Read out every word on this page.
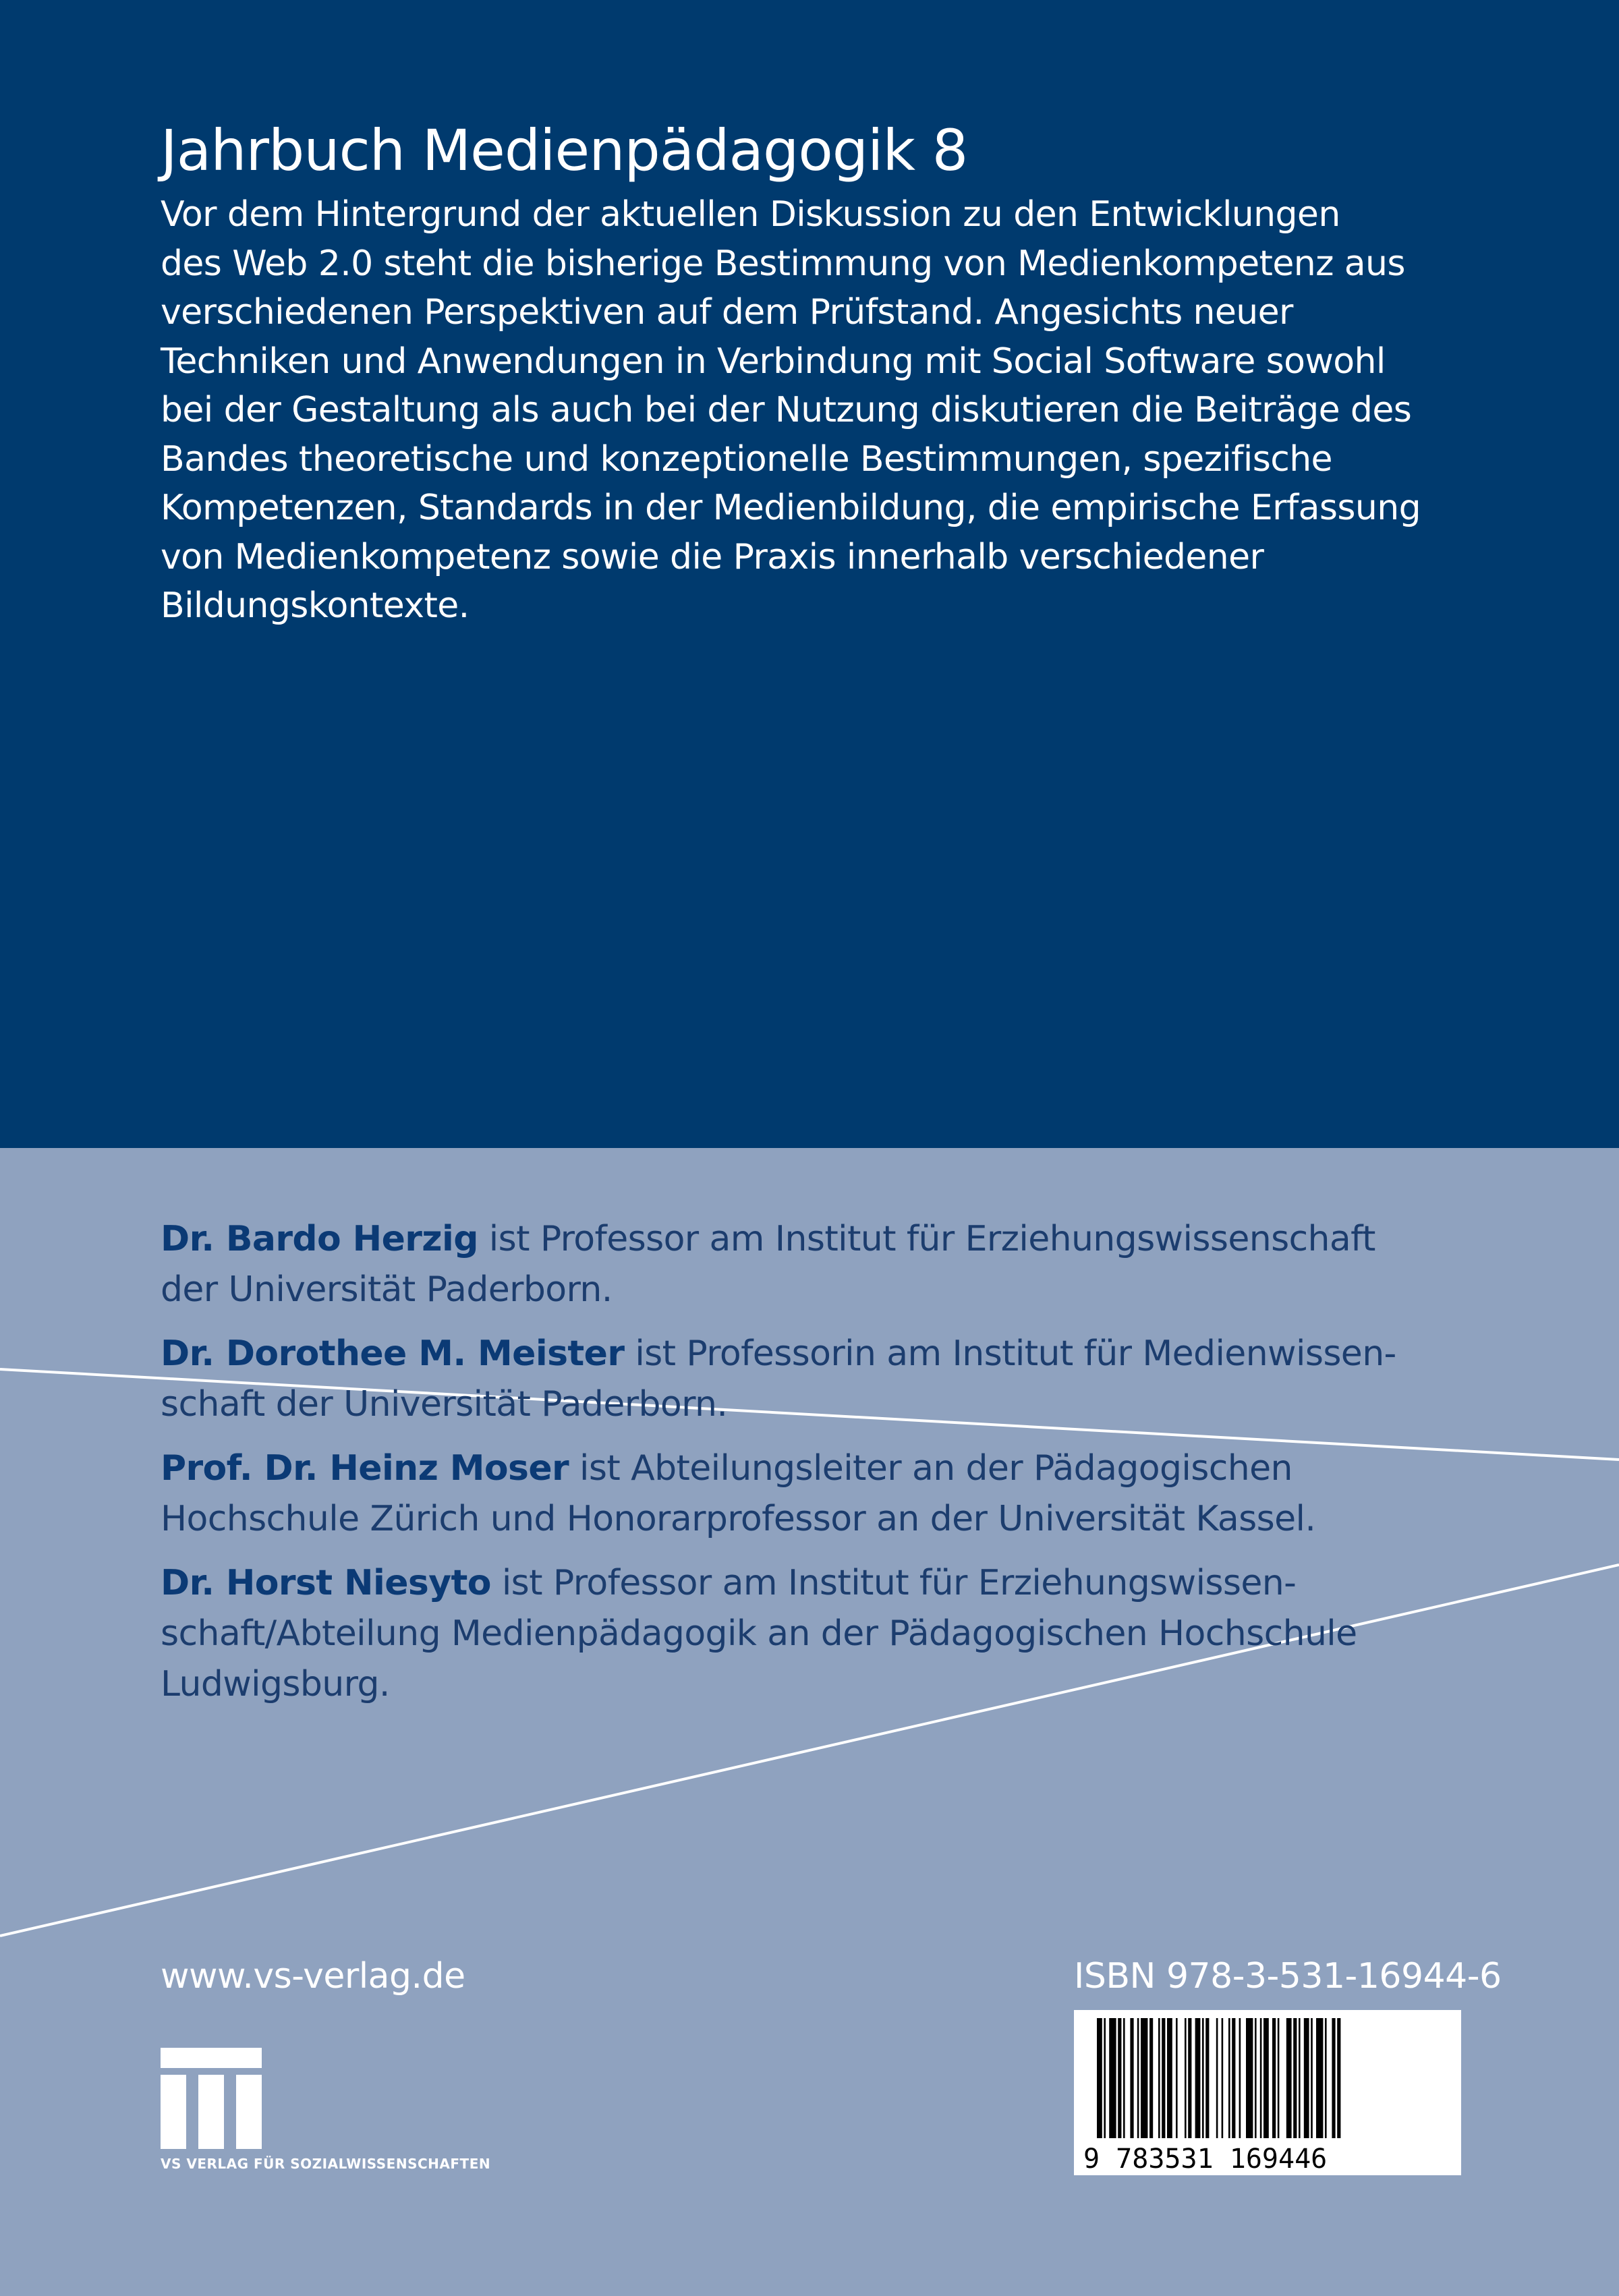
Jahrbuch Medienpädagogik 8
Vor dem Hintergrund der aktuellen Diskussion zu den Entwicklungen
des Web 2.0 steht die bisherige Bestimmung von Medienkompetenz aus
verschiedenen Perspektiven auf dem Prüfstand. Angesichts neuer
Techniken und Anwendungen in Verbindung mit Social Software sowohl
bei der Gestaltung als auch bei der Nutzung diskutieren die Beiträge des
Bandes theoretische und konzeptionelle Bestimmungen, spezifische
Kompetenzen, Standards in der Medienbildung, die empirische Erfassung
von Medienkompetenz sowie die Praxis innerhalb verschiedener
Bildungskontexte.
Dr. Bardo Herzig ist Professor am Institut für Erziehungswissenschaft
der Universität Paderborn.
Dr. Dorothee M. Meister ist Professorin am Institut für Medienwissen-
schaft der Universität Paderborn.
Prof. Dr. Heinz Moser ist Abteilungsleiter an der Pädagogischen
Hochschule Zürich und Honorarprofessor an der Universität Kassel.
Dr. Horst Niesyto ist Professor am Institut für Erziehungswissen-
schaft/Abteilung Medienpädagogik an der Pädagogischen Hochschule
Ludwigsburg.
www.vs-verlag.de	ISBN 978-3-531-16944-6
9 783531 169446
VS VERLAG FÜR SOZIALWISSENSCHAFTEN
